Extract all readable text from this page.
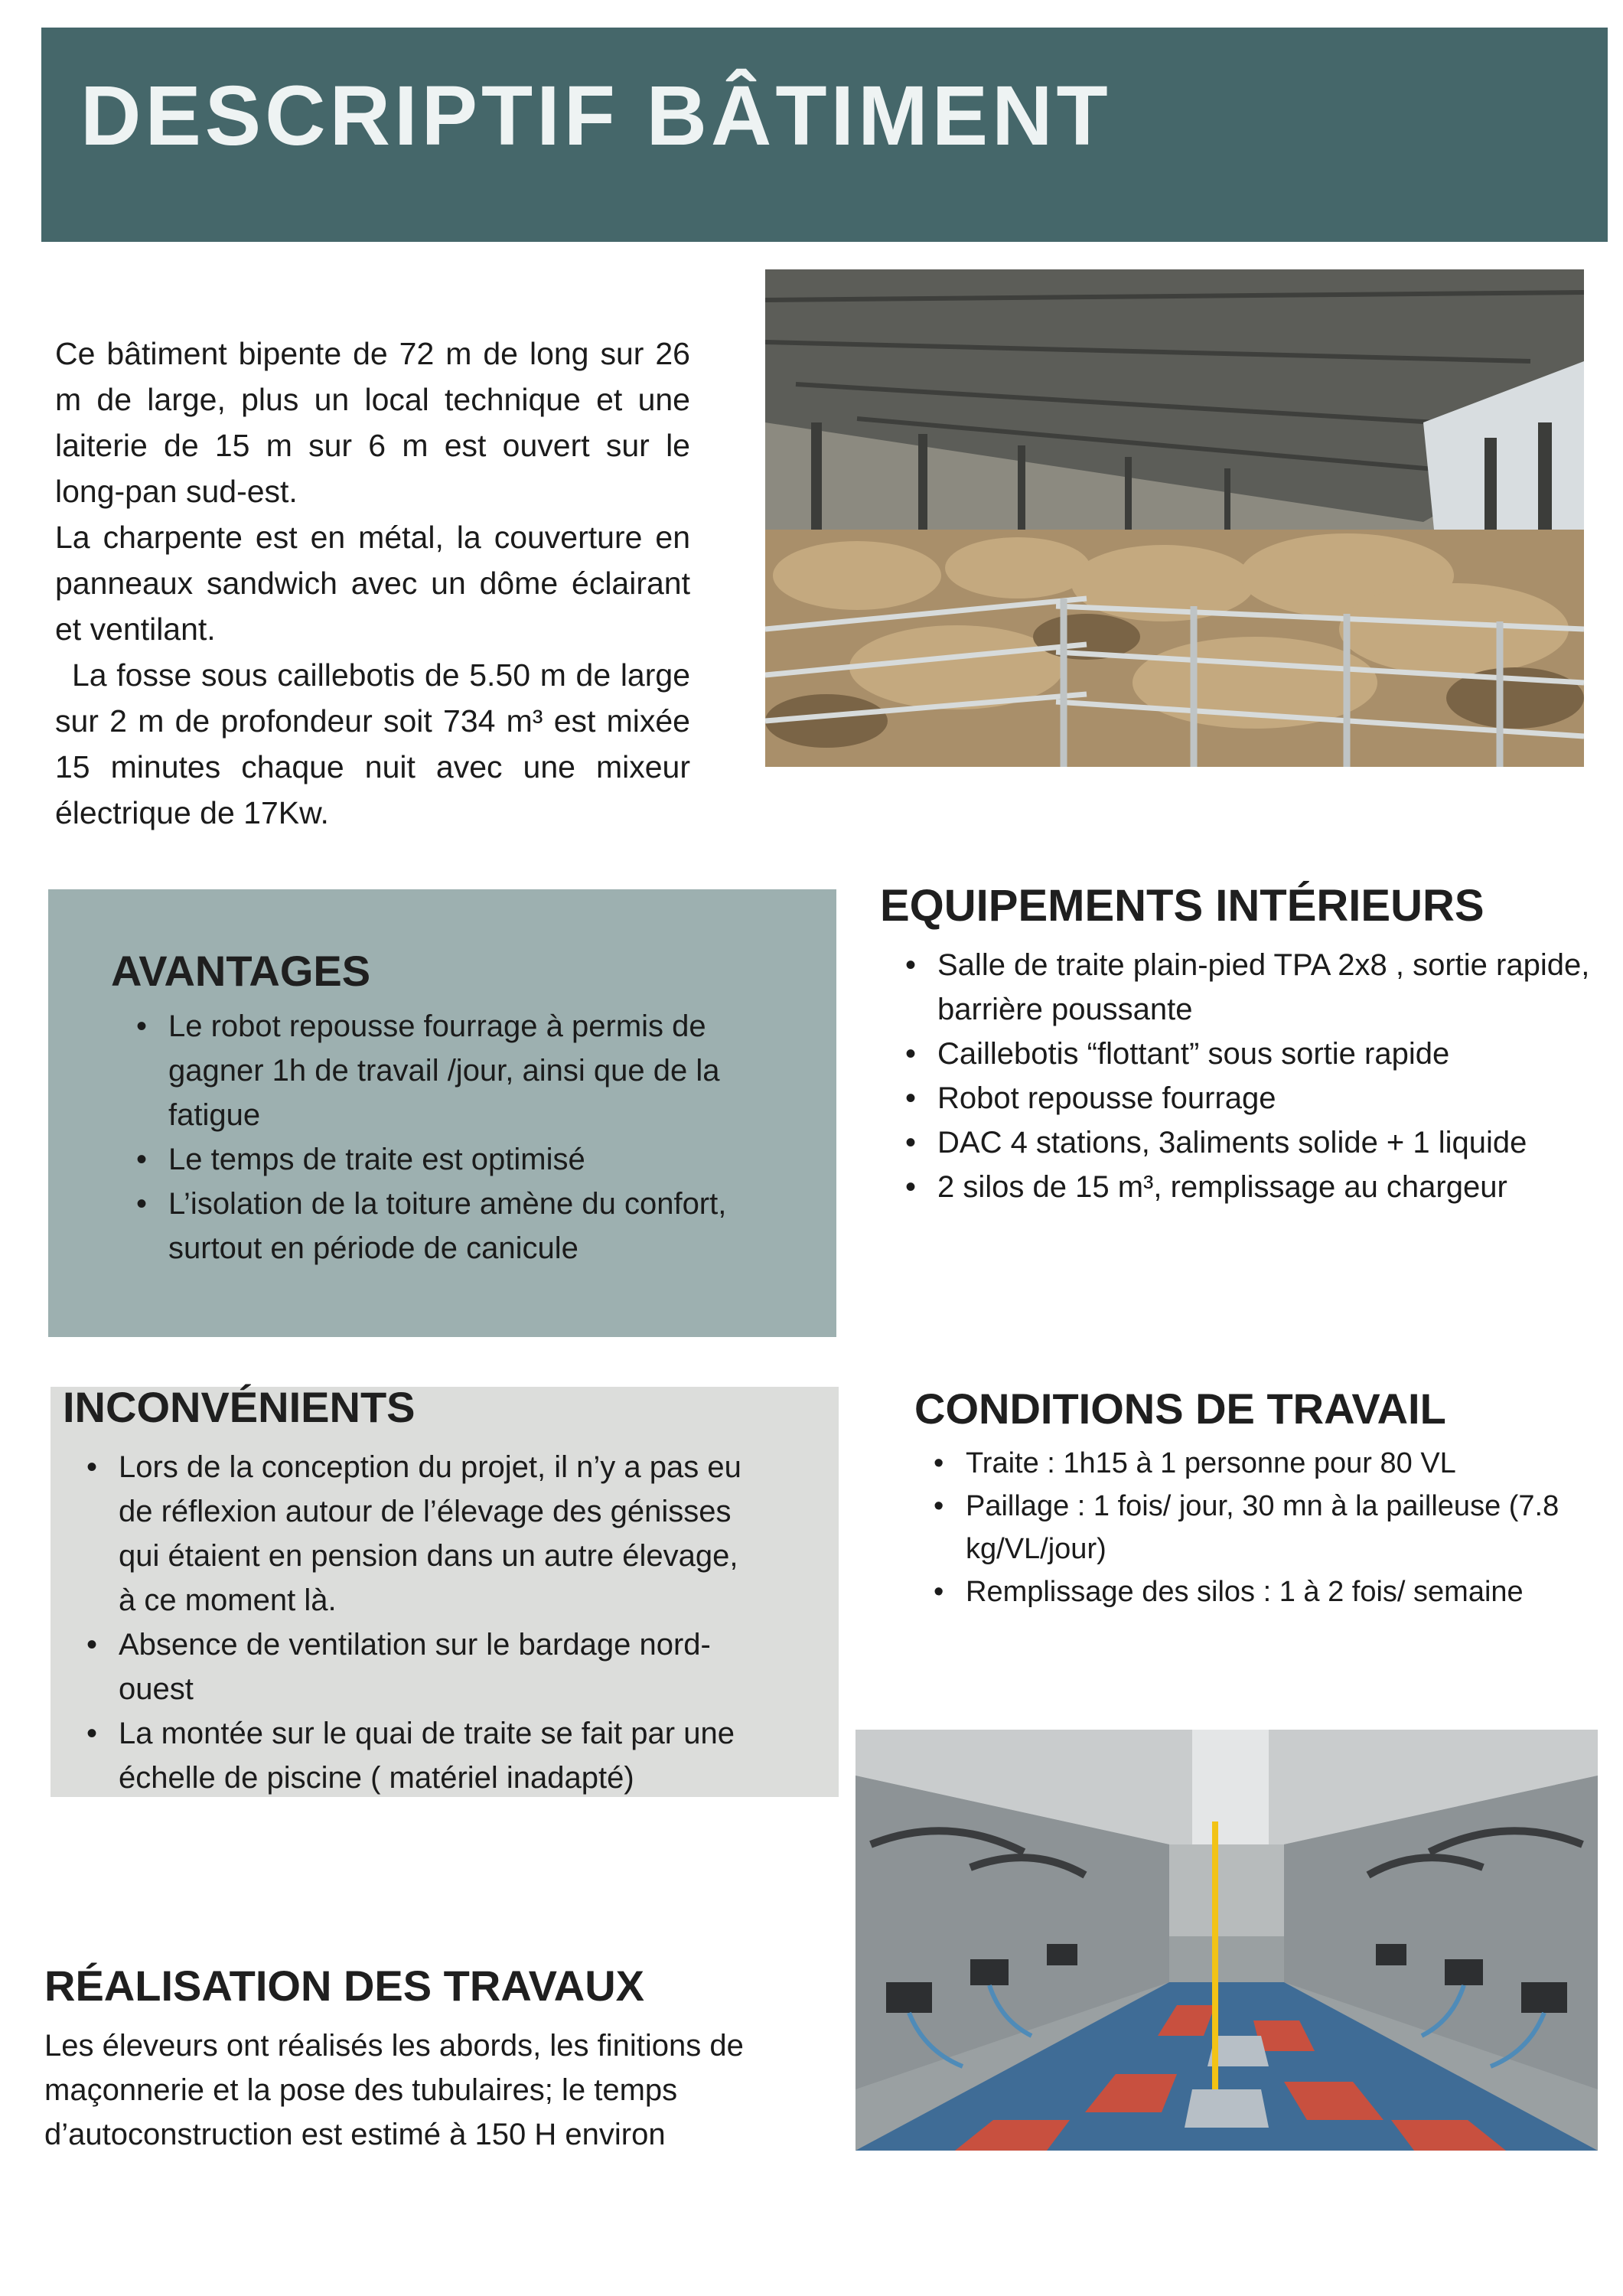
DESCRIPTIF BÂTIMENT

Ce bâtiment bipente de 72 m de long sur 26 m de large, plus un local technique et une laiterie de 15 m sur 6 m est ouvert sur le long-pan sud-est.

La charpente est en métal, la couverture en panneaux sandwich avec un dôme éclairant et ventilant.

La fosse sous caillebotis de 5.50 m de large sur 2 m de profondeur soit 734 m³ est mixée 15 minutes chaque nuit avec une mixeur électrique de 17Kw.

AVANTAGES
• Le robot repousse fourrage à permis de gagner 1h de travail /jour, ainsi que de la fatigue
• Le temps de traite est optimisé
• L’isolation de la toiture amène du confort, surtout en période de canicule
EQUIPEMENTS INTÉRIEURS
• Salle de traite plain-pied TPA 2x8 , sortie rapide, barrière poussante
• Caillebotis “flottant” sous sortie rapide
• Robot repousse fourrage
• DAC 4 stations, 3aliments solide + 1 liquide
• 2 silos de 15 m³, remplissage au chargeur
INCONVÉNIENTS
• Lors de la conception du projet, il n’y a pas eu de réflexion autour de l’élevage des génisses qui étaient en pension dans un autre élevage, à ce moment là.
• Absence de ventilation sur le bardage nord-ouest
• La montée sur le quai de traite se fait par une échelle de piscine ( matériel inadapté)
CONDITIONS DE TRAVAIL
• Traite : 1h15 à 1 personne pour 80 VL
• Paillage : 1 fois/ jour, 30 mn à la pailleuse (7.8 kg/VL/jour)
• Remplissage des silos : 1 à 2 fois/ semaine
RÉALISATION DES TRAVAUX
Les éleveurs ont réalisés les abords, les finitions de maçonnerie et la pose des tubulaires; le temps d’autoconstruction est estimé à 150 H environ
